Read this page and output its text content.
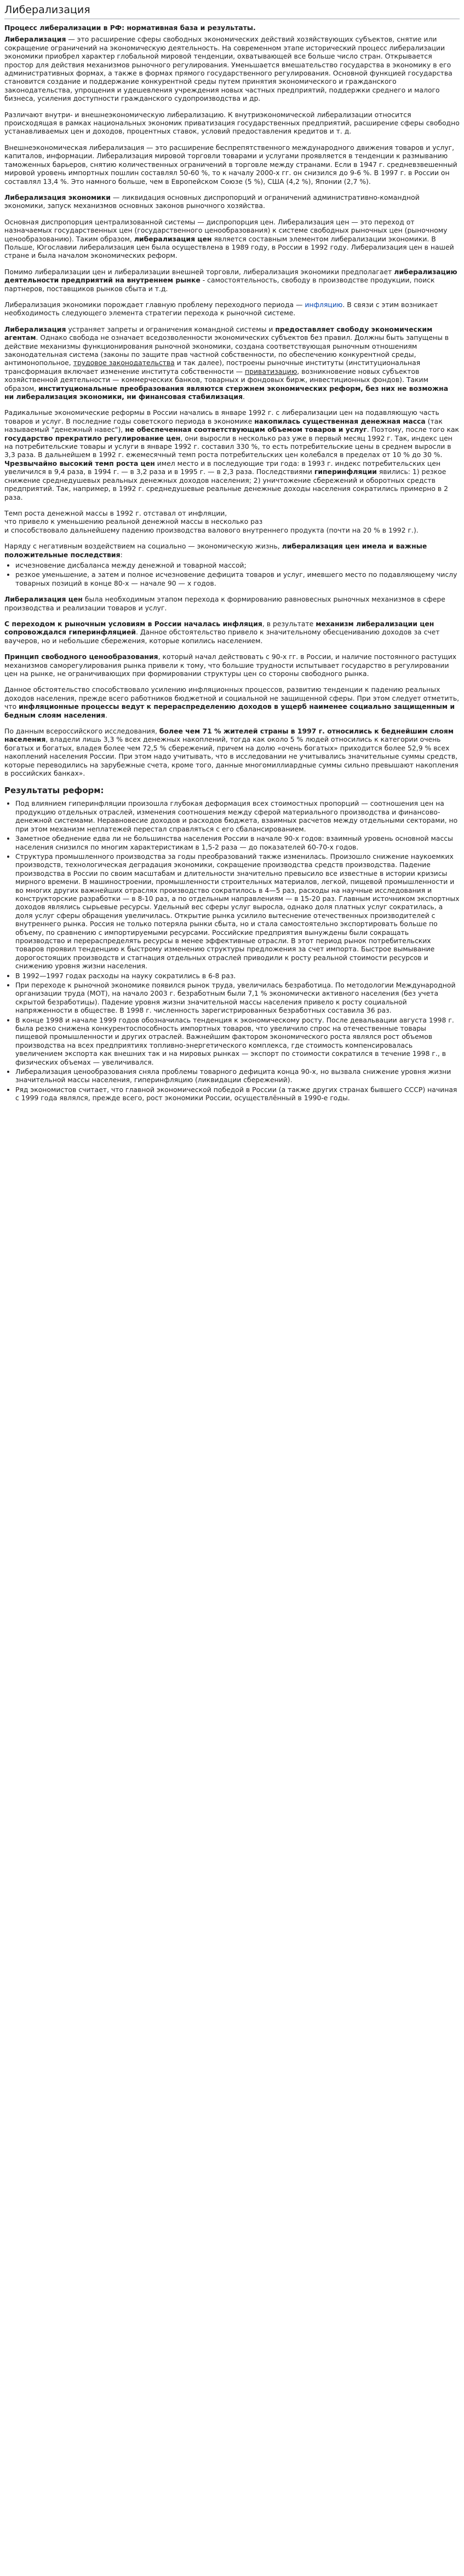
Либерализация
Процесс либерализации в РФ: нормативная база и результаты.

Либерализация — это расширение сферы свободных экономических действий хозяйствующих субъектов, снятие или сокращение ограничений на экономическую деятельность. На современном этапе исторический процесс либерализации экономики приобрел характер глобальной мировой тенденции, охватывающей все больше число стран. Открывается простор для действия механизмов рыночного регулирования. Уменьшается вмешательство государства в экономику в его административных формах, а также в формах прямого государственного регулирования. Основной функцией государства становится создание и поддержание конкурентной среды путем принятия экономического и гражданского законодательства, упрощения и удешевления учреждения новых частных предприятий, поддержки среднего и малого бизнеса, усиления доступности гражданского судопроизводства и др.

Различают внутри- и внешнеэкономическую либерализацию. К внутриэкономической либерализации относится происходящая в рамках национальных экономик приватизация государственных предприятий, расширение сферы свободно устанавливаемых цен и доходов, процентных ставок, условий предоставления кредитов и т. д.

Внешнеэкономическая либерализация — это расширение беспрепятственного международного движения товаров и услуг, капиталов, информации. Либерализация мировой торговли товарами и услугами проявляется в тенденции к размыванию таможенных барьеров, снятию количественных ограничений в торговле между странами. Если в 1947 г. средневзвешенный мировой уровень импортных пошлин составлял 50-60 %, то к началу 2000-х гг. он снизился до 9-6 %. В 1997 г. в России он составлял 13,4 %. Это намного больше, чем в Европейском Союзе (5 %), США (4,2 %), Японии (2,7 %).

Либерализация экономики — ликвидация основных диспропорций и ограничений административно-командной экономики, запуск механизмов основных законов рыночного хозяйства.

Основная диспропорция централизованной системы — диспропорция цен. Либерализация цен — это переход от назначаемых государственных цен (государственного ценообразования) к системе свободных рыночных цен (рыночному ценообразованию). Таким образом, либерализация цен является составным элементом либерализации экономики. В Польше, Югославии либерализация цен была осуществлена в 1989 году, в России в 1992 году. Либерализация цен в нашей стране и была началом экономических реформ.

Помимо либерализации цен и либерализации внешней торговли, либерализация экономики предполагает либерализацию деятельности предприятий на внутреннем рынке - самостоятельность, свободу в производстве продукции, поиск партнеров, поставщиков рынков сбыта и т.д.

Либерализация экономики порождает главную проблему переходного периода — инфляцию. В связи с этим возникает необходимость следующего элемента стратегии перехода к рыночной системе.

Либерализация устраняет запреты и ограничения командной системы и предоставляет свободу экономическим агентам. Однако свобода не означает вседозволенности экономических субъектов без правил. Должны быть запущены в действие механизмы функционирования рыночной экономики, создана соответствующая рыночным отношениям законодательная система (законы по защите прав частной собственности, по обеспечению конкурентной среды, антимонопольное, трудовое законодательства и так далее), построены рыночные институты (институциональная трансформация включает изменение института собственности — приватизацию, возникновение новых субъектов хозяйственной деятельности — коммерческих банков, товарных и фондовых бирж, инвестиционных фондов). Таким образом, институциональные преобразования являются стержнем экономических реформ, без них не возможна ни либерализация экономики, ни финансовая стабилизация.

Радикальные экономические реформы в России начались в январе 1992 г. с либерализации цен на подавляющую часть товаров и услуг. В последние годы советского периода в экономике накопилась существенная денежная масса (так называемый "денежный навес"), не обеспеченная соответствующим объемом товаров и услуг. Поэтому, после того как государство прекратило регулирование цен, они выросли в несколько раз уже в первый месяц 1992 г. Так, индекс цен на потребительские товары и услуги в январе 1992 г. составил 330 %, то есть потребительские цены в среднем выросли в 3,3 раза. В дальнейшем в 1992 г. ежемесячный темп роста потребительских цен колебался в пределах от 10 % до 30 %. Чрезвычайно высокий темп роста цен имел место и в последующие три года: в 1993 г. индекс потребительских цен увеличился в 9,4 раза, в 1994 г. — в 3,2 раза и в 1995 г. — в 2,3 раза. Последствиями гиперинфляции явились: 1) резкое снижение среднедушевых реальных денежных доходов населения; 2) уничтожение сбережений и оборотных средств предприятий. Так, например, в 1992 г. среднедушевые реальные денежные доходы населения сократились примерно в 2 раза.

Темп роста денежной массы в 1992 г. отставал от инфляции,
что привело к уменьшению реальной денежной массы в несколько раз
и способствовало дальнейшему падению производства валового внутреннего продукта (почти на 20 % в 1992 г.).

Наряду с негативным воздействием на социально — экономическую жизнь, либерализация цен имела и важные положительные последствия:

• исчезновение дисбаланса между денежной и товарной массой;
• резкое уменьшение, а затем и полное исчезновение дефицита товаров и услуг, имевшего место по подавляющему числу товарных позиций в конце 80-х — начале 90 — х годов.

Либерализация цен была необходимым этапом перехода к формированию равновесных рыночных механизмов в сфере производства и реализации товаров и услуг.

С переходом к рыночным условиям в России началась инфляция, в результате механизм либерализации цен сопровождался гиперинфляцией. Данное обстоятельство привело к значительному обесцениванию доходов за счет ваучеров, но и небольшие сбережения, которые копились населением.

Принцип свободного ценообразования, который начал действовать с 90-х гг. в России, и наличие постоянного растущих механизмов саморегулирования рынка привели к тому, что большие трудности испытывает государство в регулировании цен на рынке, не ограничивающих при формировании структуры цен со стороны свободного рынка.

Данное обстоятельство способствовало усилению инфляционных процессов, развитию тенденции к падению реальных доходов населения, прежде всего работников бюджетной и социальной не защищенной сферы. При этом следует отметить, что инфляционные процессы ведут к перераспределению доходов в ущерб наименее социально защищенным и бедным слоям населения.

По данным всероссийского исследования, более чем 71 % жителей страны в 1997 г. относились к беднейшим слоям населения, владели лишь 3,3 % всех денежных накоплений, тогда как около 5 % людей относились к категории очень богатых и богатых, владея более чем 72,5 % сбережений, причем на долю «очень богатых» приходится более 52,9 % всех накоплений населения России. При этом надо учитывать, что в исследовании не учитывались значительные суммы средств, которые переводились на зарубежные счета, кроме того, данные многомиллиардные суммы сильно превышают накопления в российских банках».

Результаты реформ:
• Под влиянием гиперинфляции произошла глубокая деформация всех стоимостных пропорций — соотношения цен на продукцию отдельных отраслей, изменения соотношения между сферой материального производства и финансово-денежной системами. Неравновесие доходов и расходов бюджета, взаимных расчетов между отдельными секторами, но при этом механизм неплатежей перестал справляться с его сбалансированием.
• Заметное обеднение едва ли не большинства населения России в начале 90-х годов: взаимный уровень основной массы населения снизился по многим характеристикам в 1,5-2 раза — до показателей 60-70-х годов.
• Структура промышленного производства за годы преобразований также изменилась. Произошло снижение наукоемких производств, технологическая деградация экономики, сокращение производства средств производства. Падение производства в России по своим масштабам и длительности значительно превысило все известные в истории кризисы мирного времени. В машиностроении, промышленности строительных материалов, легкой, пищевой промышленности и во многих других важнейших отраслях производство сократилось в 4—5 раз, расходы на научные исследования и конструкторские разработки — в 8-10 раз, а по отдельным направлениям — в 15-20 раз. Главным источником экспортных доходов являлись сырьевые ресурсы. Удельный вес сферы услуг выросла, однако доля платных услуг сократилась, а доля услуг сферы обращения увеличилась. Открытие рынка усилило вытеснение отечественных производителей с внутреннего рынка. Россия не только потеряла рынки сбыта, но и стала самостоятельно экспортировать больше по объему, по сравнению с импортируемыми ресурсами. Российские предприятия вынуждены были сокращать производство и перераспределять ресурсы в менее эффективные отрасли. В этот период рынок потребительских товаров проявил тенденцию к быстрому изменению структуры предложения за счет импорта. Быстрое вымывание дорогостоящих производств и стагнация отдельных отраслей приводили к росту реальной стоимости ресурсов и снижению уровня жизни населения.
• В 1992—1997 годах расходы на науку сократились в 6-8 раз.
• При переходе к рыночной экономике появился рынок труда, увеличилась безработица. По методологии Международной организации труда (МОТ), на начало 2003 г. безработным были 7,1 % экономически активного населения (без учета скрытой безработицы). Падение уровня жизни значительной массы населения привело к росту социальной напряженности в обществе. В 1998 г. численность зарегистрированных безработных составила 36 раз.
• В конце 1998 и начале 1999 годов обозначилась тенденция к экономическому росту. После девальвации августа 1998 г. была резко снижена конкурентоспособность импортных товаров, что увеличило спрос на отечественные товары пищевой промышленности и других отраслей. Важнейшим фактором экономического роста являлся рост объемов производства на всех предприятиях топливно-энергетического комплекса, где стоимость компенсировалась увеличением экспорта как внешних так и на мировых рынках — экспорт по стоимости сократился в течение 1998 г., в физических объемах — увеличивался.
• Либерализация ценообразования сняла проблемы товарного дефицита конца 90-х, но вызвала снижение уровня жизни значительной массы населения, гиперинфляцию (ликвидации сбережений).
• Ряд экономистов считает, что главной экономической победой в России (а также других странах бывшего СССР) начиная с 1999 года являлся, прежде всего, рост экономики России, осуществлённый в 1990-е годы.
